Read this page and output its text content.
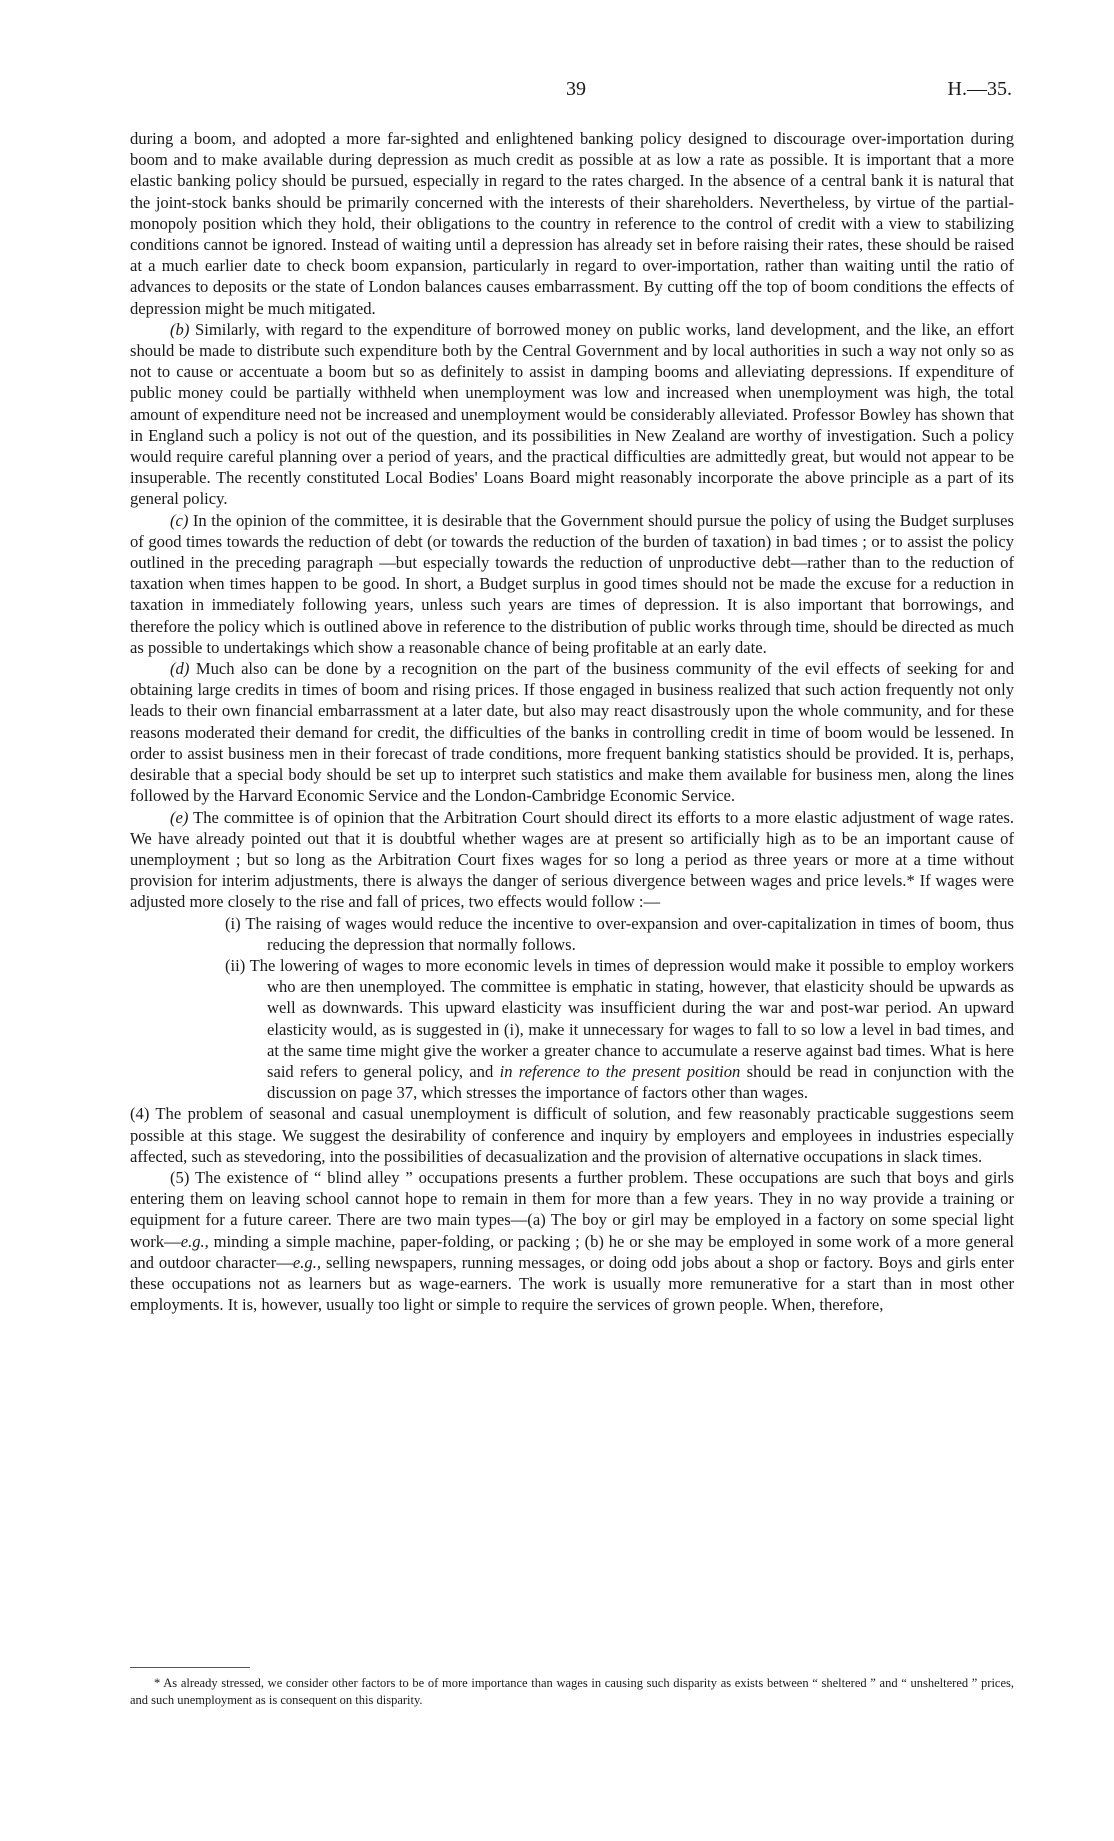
39	H.—35.

during a boom, and adopted a more far-sighted and enlightened banking policy designed to discourage over-importation during boom and to make available during depression as much credit as possible at as low a rate as possible. It is important that a more elastic banking policy should be pursued, especially in regard to the rates charged. In the absence of a central bank it is natural that the joint-stock banks should be primarily concerned with the interests of their shareholders. Nevertheless, by virtue of the partial-monopoly position which they hold, their obligations to the country in reference to the control of credit with a view to stabilizing conditions cannot be ignored. Instead of waiting until a depression has already set in before raising their rates, these should be raised at a much earlier date to check boom expansion, particularly in regard to over-importation, rather than waiting until the ratio of advances to deposits or the state of London balances causes embarrassment. By cutting off the top of boom conditions the effects of depression might be much mitigated.

(b) Similarly, with regard to the expenditure of borrowed money on public works, land development, and the like, an effort should be made to distribute such expenditure both by the Central Government and by local authorities in such a way not only so as not to cause or accentuate a boom but so as definitely to assist in damping booms and alleviating depressions. If expenditure of public money could be partially withheld when unemployment was low and increased when unemployment was high, the total amount of expenditure need not be increased and unemployment would be considerably alleviated. Professor Bowley has shown that in England such a policy is not out of the question, and its possibilities in New Zealand are worthy of investigation. Such a policy would require careful planning over a period of years, and the practical difficulties are admittedly great, but would not appear to be insuperable. The recently constituted Local Bodies' Loans Board might reasonably incorporate the above principle as a part of its general policy.

(c) In the opinion of the committee, it is desirable that the Government should pursue the policy of using the Budget surpluses of good times towards the reduction of debt (or towards the reduction of the burden of taxation) in bad times ; or to assist the policy outlined in the preceding paragraph —but especially towards the reduction of unproductive debt—rather than to the reduction of taxation when times happen to be good. In short, a Budget surplus in good times should not be made the excuse for a reduction in taxation in immediately following years, unless such years are times of depression. It is also important that borrowings, and therefore the policy which is outlined above in reference to the distribution of public works through time, should be directed as much as possible to undertakings which show a reasonable chance of being profitable at an early date.

(d) Much also can be done by a recognition on the part of the business community of the evil effects of seeking for and obtaining large credits in times of boom and rising prices. If those engaged in business realized that such action frequently not only leads to their own financial embarrassment at a later date, but also may react disastrously upon the whole community, and for these reasons moderated their demand for credit, the difficulties of the banks in controlling credit in time of boom would be lessened. In order to assist business men in their forecast of trade conditions, more frequent banking statistics should be provided. It is, perhaps, desirable that a special body should be set up to interpret such statistics and make them available for business men, along the lines followed by the Harvard Economic Service and the London-Cambridge Economic Service.

(e) The committee is of opinion that the Arbitration Court should direct its efforts to a more elastic adjustment of wage rates. We have already pointed out that it is doubtful whether wages are at present so artificially high as to be an important cause of unemployment ; but so long as the Arbitration Court fixes wages for so long a period as three years or more at a time without provision for interim adjustments, there is always the danger of serious divergence between wages and price levels.* If wages were adjusted more closely to the rise and fall of prices, two effects would follow :—

(i) The raising of wages would reduce the incentive to over-expansion and over-capitalization in times of boom, thus reducing the depression that normally follows.

(ii) The lowering of wages to more economic levels in times of depression would make it possible to employ workers who are then unemployed. The committee is emphatic in stating, however, that elasticity should be upwards as well as downwards. This upward elasticity was insufficient during the war and post-war period. An upward elasticity would, as is suggested in (i), make it unnecessary for wages to fall to so low a level in bad times, and at the same time might give the worker a greater chance to accumulate a reserve against bad times. What is here said refers to general policy, and in reference to the present position should be read in conjunction with the discussion on page 37, which stresses the importance of factors other than wages.

(4) The problem of seasonal and casual unemployment is difficult of solution, and few reasonably practicable suggestions seem possible at this stage. We suggest the desirability of conference and inquiry by employers and employees in industries especially affected, such as stevedoring, into the possibilities of decasualization and the provision of alternative occupations in slack times.

(5) The existence of “ blind alley ” occupations presents a further problem. These occupations are such that boys and girls entering them on leaving school cannot hope to remain in them for more than a few years. They in no way provide a training or equipment for a future career. There are two main types—(a) The boy or girl may be employed in a factory on some special light work—e.g., minding a simple machine, paper-folding, or packing ; (b) he or she may be employed in some work of a more general and outdoor character—e.g., selling newspapers, running messages, or doing odd jobs about a shop or factory. Boys and girls enter these occupations not as learners but as wage-earners. The work is usually more remunerative for a start than in most other employments. It is, however, usually too light or simple to require the services of grown people. When, therefore,

* As already stressed, we consider other factors to be of more importance than wages in causing such disparity as exists between “ sheltered ” and “ unsheltered ” prices, and such unemployment as is consequent on this disparity.
